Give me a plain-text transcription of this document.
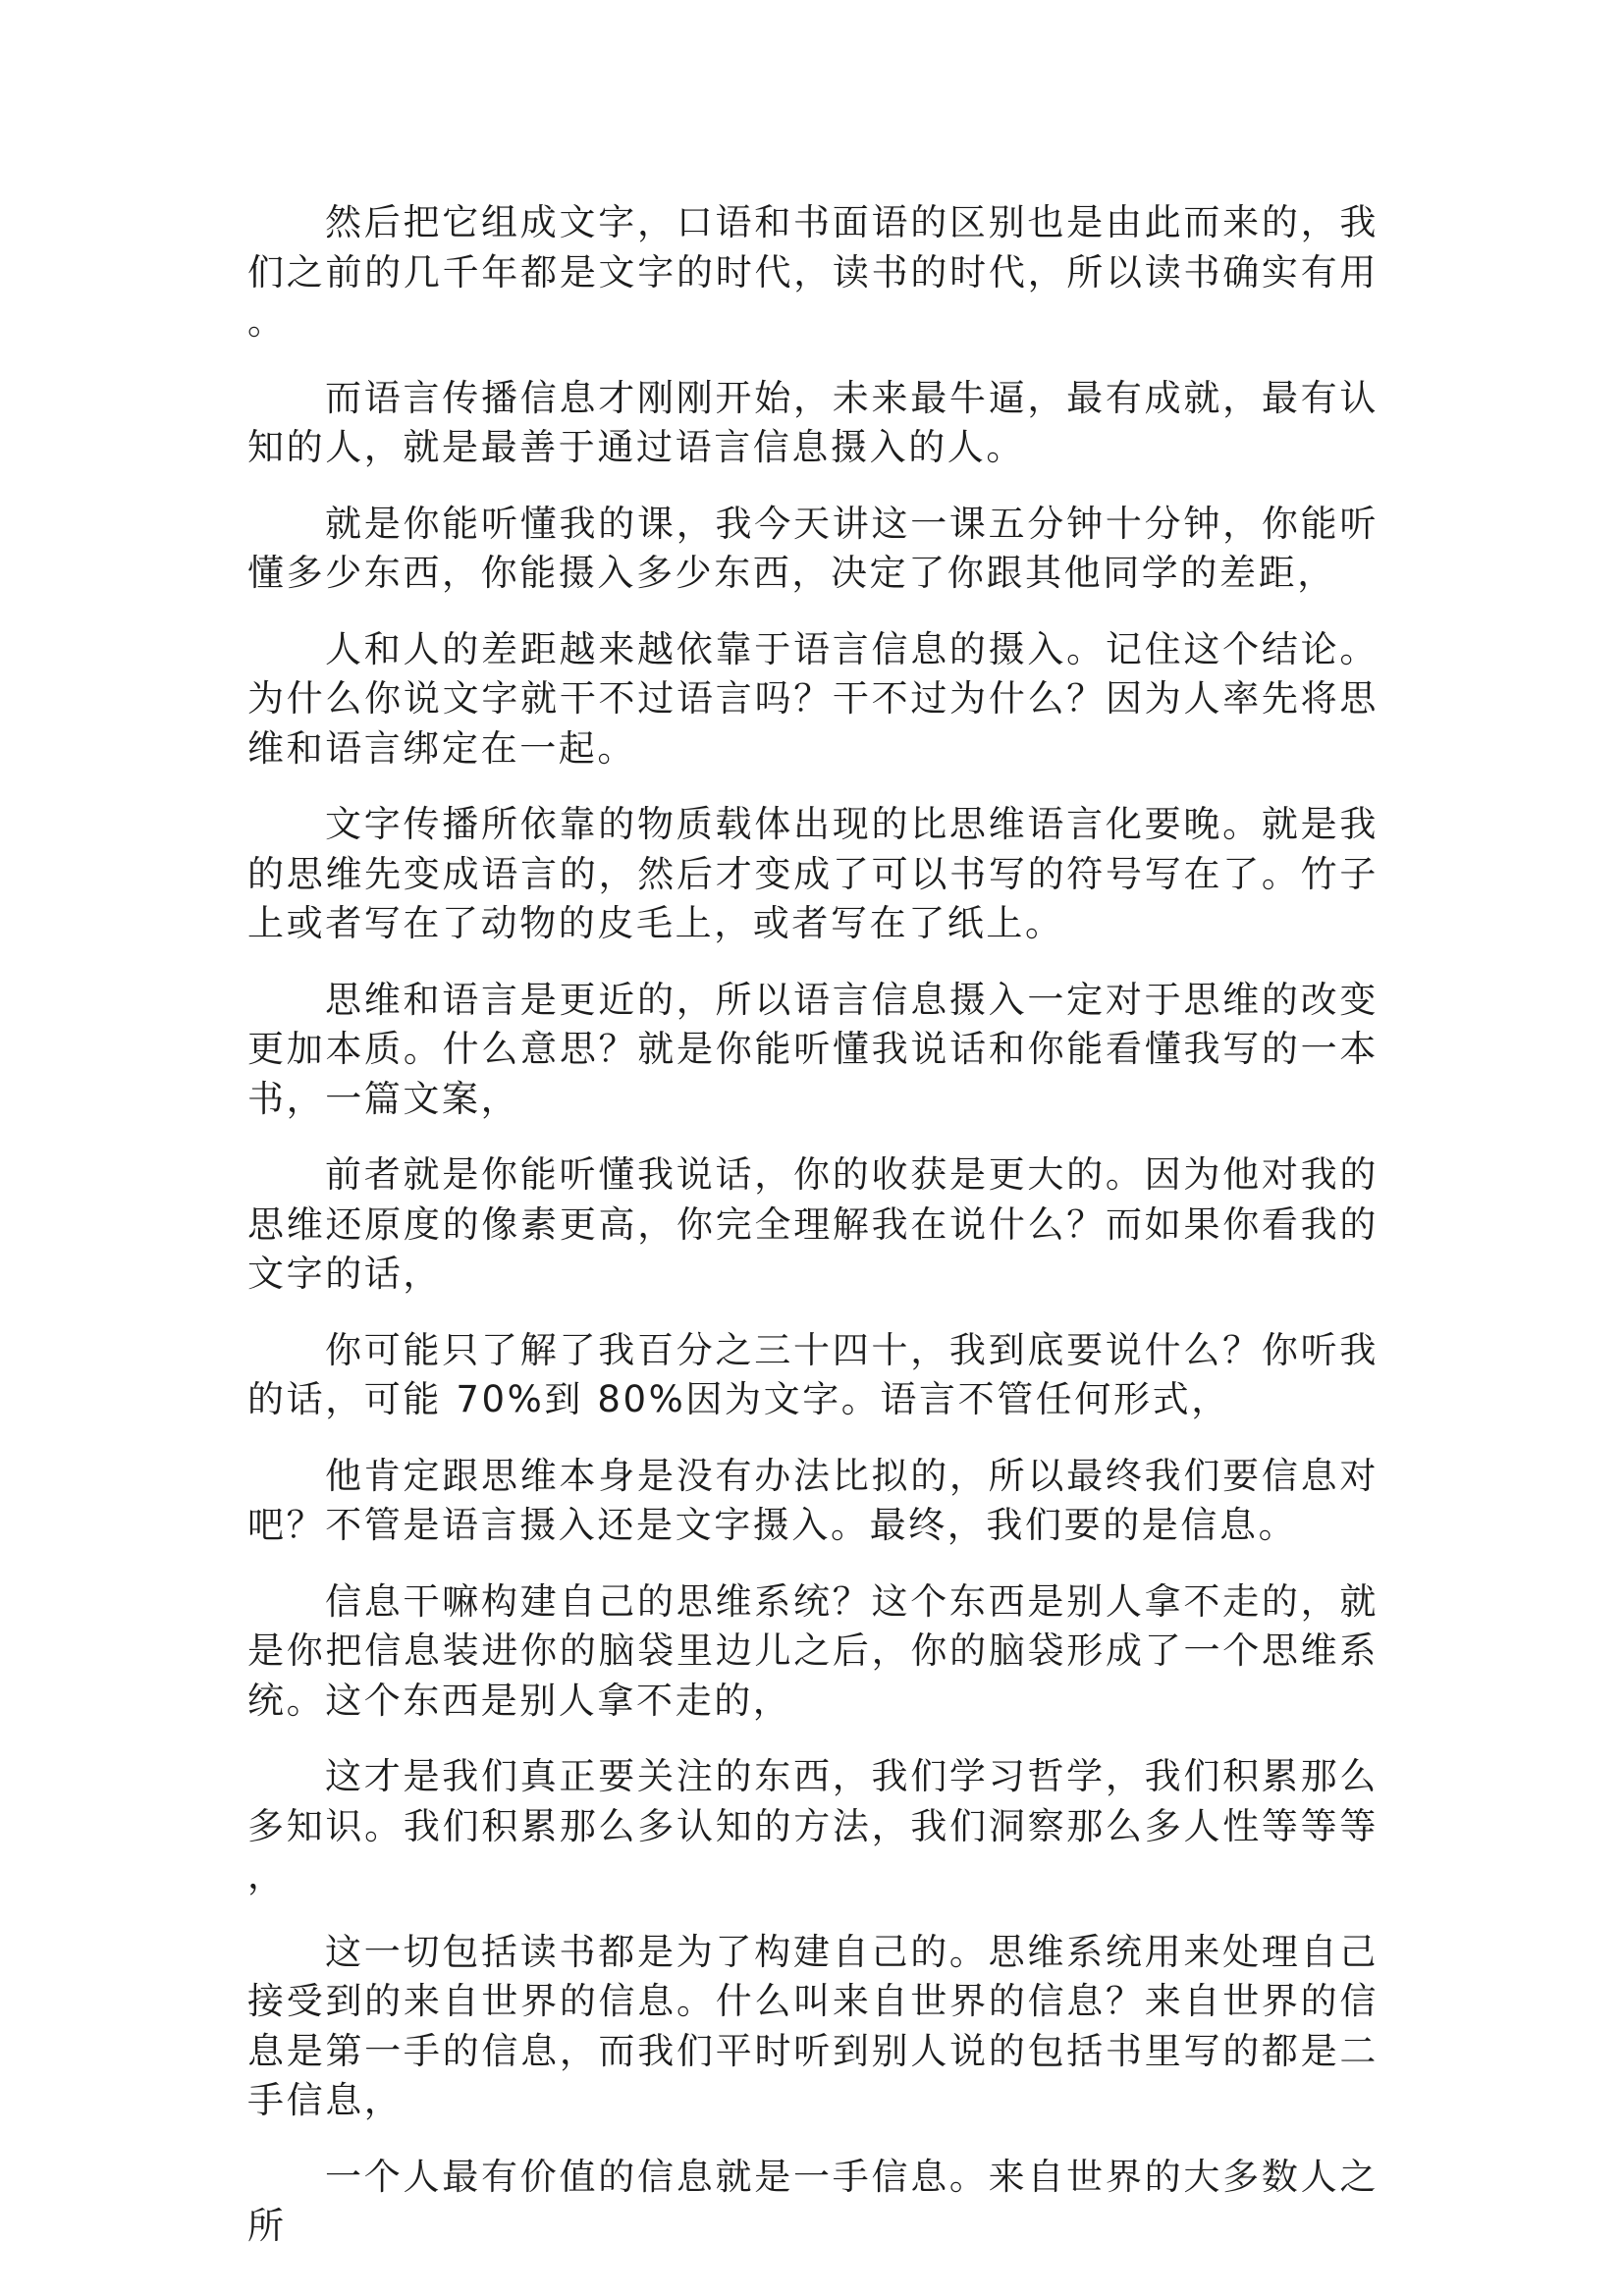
然后把它组成文字，口语和书面语的区别也是由此而来的，我们之前的几千年都是文字的时代，读书的时代，所以读书确实有用。

而语言传播信息才刚刚开始，未来最牛逼，最有成就，最有认知的人，就是最善于通过语言信息摄入的人。

就是你能听懂我的课，我今天讲这一课五分钟十分钟，你能听懂多少东西，你能摄入多少东西，决定了你跟其他同学的差距，

人和人的差距越来越依靠于语言信息的摄入。记住这个结论。为什么你说文字就干不过语言吗？干不过为什么？因为人率先将思维和语言绑定在一起。

文字传播所依靠的物质载体出现的比思维语言化要晚。就是我的思维先变成语言的，然后才变成了可以书写的符号写在了。竹子上或者写在了动物的皮毛上，或者写在了纸上。

思维和语言是更近的，所以语言信息摄入一定对于思维的改变更加本质。什么意思？就是你能听懂我说话和你能看懂我写的一本书，一篇文案，

前者就是你能听懂我说话，你的收获是更大的。因为他对我的思维还原度的像素更高，你完全理解我在说什么？而如果你看我的文字的话，

你可能只了解了我百分之三十四十，我到底要说什么？你听我的话，可能 70%到 80%因为文字。语言不管任何形式，

他肯定跟思维本身是没有办法比拟的，所以最终我们要信息对吧？不管是语言摄入还是文字摄入。最终，我们要的是信息。

信息干嘛构建自己的思维系统？这个东西是别人拿不走的，就是你把信息装进你的脑袋里边儿之后，你的脑袋形成了一个思维系统。这个东西是别人拿不走的，

这才是我们真正要关注的东西，我们学习哲学，我们积累那么多知识。我们积累那么多认知的方法，我们洞察那么多人性等等等，

这一切包括读书都是为了构建自己的。思维系统用来处理自己接受到的来自世界的信息。什么叫来自世界的信息？来自世界的信息是第一手的信息，而我们平时听到别人说的包括书里写的都是二手信息，

一个人最有价值的信息就是一手信息。来自世界的大多数人之所
